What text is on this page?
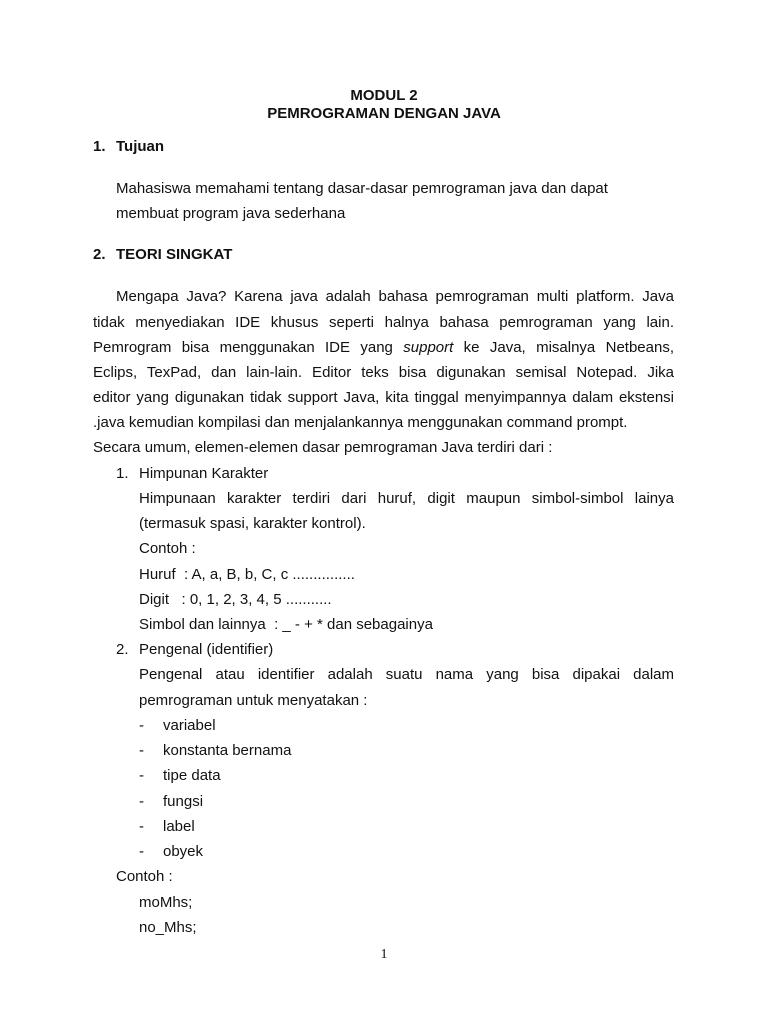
MODUL 2
PEMROGRAMAN DENGAN JAVA
1. Tujuan
Mahasiswa memahami tentang dasar-dasar pemrograman java dan dapat
membuat program java sederhana
2. TEORI SINGKAT
Mengapa Java? Karena java adalah bahasa pemrograman multi platform. Java
tidak menyediakan IDE khusus seperti halnya bahasa pemrograman yang lain.
Pemrogram bisa menggunakan IDE yang support ke Java, misalnya Netbeans,
Eclips, TexPad, dan lain-lain. Editor teks bisa digunakan semisal Notepad. Jika
editor yang digunakan tidak support Java, kita tinggal menyimpannya dalam ekstensi
.java kemudian kompilasi dan menjalankannya menggunakan command prompt.
Secara umum, elemen-elemen dasar pemrograman Java terdiri dari :
1. Himpunan Karakter
Himpunaan karakter terdiri dari huruf, digit maupun simbol-simbol lainya
(termasuk spasi, karakter kontrol).
Contoh :
Huruf  : A, a, B, b, C, c ...............
Digit   : 0, 1, 2, 3, 4, 5 ...........
Simbol dan lainnya  : _ - + * dan sebagainya
2. Pengenal (identifier)
Pengenal atau identifier adalah suatu nama yang bisa dipakai dalam
pemrograman untuk menyatakan :
- variabel
- konstanta bernama
- tipe data
- fungsi
- label
- obyek
Contoh :
moMhs;
no_Mhs;
1
